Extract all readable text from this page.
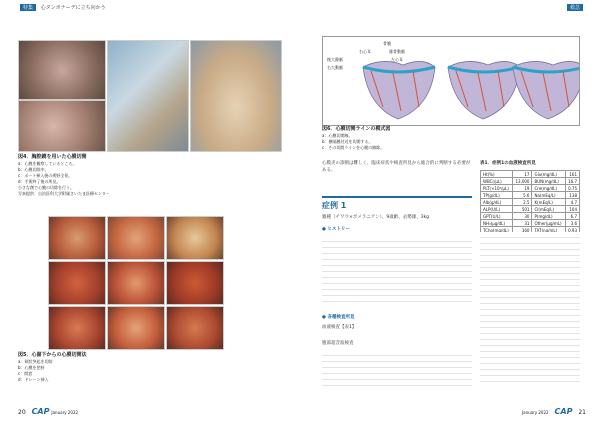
特集 心タンポナーデに立ち向かう
図4．胸腔鏡を用いた心膜切開
a：心膜を観察しているところ。
b：心膜切除中。
c：ポート挿入後の術野全景。
d：手術終了後の所見。
小さな創で心膜の切除を行う。
写真提供：自治医科大学附属さいたま医療センター
図5．心窩下からの心膜切開法
a：剣状突起を切除
b：心膜を把持
c：開窓
d：ドレーン挿入
20 CAP January 2022
救急
骨膜
右心耳	腓骨動脈
後大静脈	左心耳
右大動脈
図6．心膜切開ラインの模式図
a：心膜切開線。
b：横隔膜付近を切開する。
c：その切開ラインを心膜の摘除。
心膜炎の診断は難しく、臨床症状や検査所見から総合的に判断する必要がある。
症例 1
雑種（チワワ×ポメラニアン）、9歳齢、去勢雄、3kg
● ヒストリー
● 各種検査所見
血液検査【表1】
腹部超音波検査
表1．症例1の血液検査所見
Ht(%)	17	Glu(mg/dL)	161
WBC(/μL)	13,000	BUN(mg/dL)	16.7
PLT(×10³/μL)	19	Cre(mg/dL)	0.75
TP(g/dL)	5.6	Na(mEq/L)	138
Alb(g/dL)	2.5	K(mEq/L)	4.7
ALP(U/L)	501	Cl(mEq/L)	104
GPT(U/L)	30	P(mg/dL)	6.7
NH₃(μg/dL)	31	Other(μg/mL)	3.6
TCho(mg/dL)	160	TAT(ng/mL)	0.93

January 2022 CAP 21
